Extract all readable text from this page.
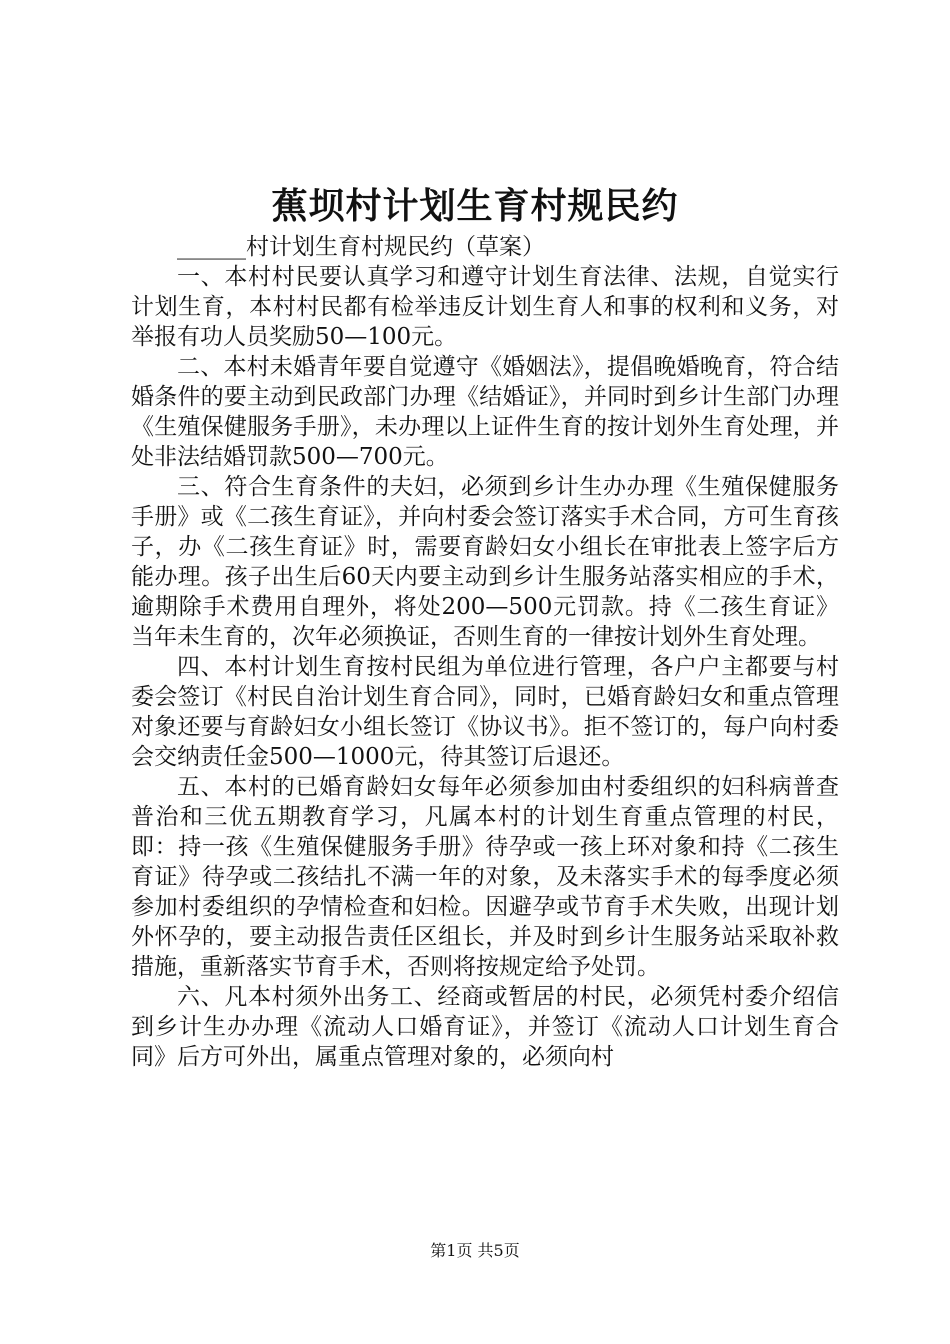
蕉坝村计划生育村规民约
______村计划生育村规民约（草案）

一、本村村民要认真学习和遵守计划生育法律、法规，自觉实行计划生育，本村村民都有检举违反计划生育人和事的权利和义务，对举报有功人员奖励50—100元。

二、本村未婚青年要自觉遵守《婚姻法》，提倡晚婚晚育，符合结婚条件的要主动到民政部门办理《结婚证》，并同时到乡计生部门办理《生殖保健服务手册》，未办理以上证件生育的按计划外生育处理，并处非法结婚罚款500—700元。

三、符合生育条件的夫妇，必须到乡计生办办理《生殖保健服务手册》或《二孩生育证》，并向村委会签订落实手术合同，方可生育孩子，办《二孩生育证》时，需要育龄妇女小组长在审批表上签字后方能办理。孩子出生后60天内要主动到乡计生服务站落实相应的手术，逾期除手术费用自理外，将处200—500元罚款。持《二孩生育证》当年未生育的，次年必须换证，否则生育的一律按计划外生育处理。

四、本村计划生育按村民组为单位进行管理，各户户主都要与村委会签订《村民自治计划生育合同》，同时，已婚育龄妇女和重点管理对象还要与育龄妇女小组长签订《协议书》。拒不签订的，每户向村委会交纳责任金500—1000元，待其签订后退还。

五、本村的已婚育龄妇女每年必须参加由村委组织的妇科病普查普治和三优五期教育学习，凡属本村的计划生育重点管理的村民，即：持一孩《生殖保健服务手册》待孕或一孩上环对象和持《二孩生育证》待孕或二孩结扎不满一年的对象，及未落实手术的每季度必须参加村委组织的孕情检查和妇检。因避孕或节育手术失败，出现计划外怀孕的，要主动报告责任区组长，并及时到乡计生服务站采取补救措施，重新落实节育手术，否则将按规定给予处罚。

六、凡本村须外出务工、经商或暂居的村民，必须凭村委介绍信到乡计生办办理《流动人口婚育证》，并签订《流动人口计划生育合同》后方可外出，属重点管理对象的，必须向村

第1页 共5页
